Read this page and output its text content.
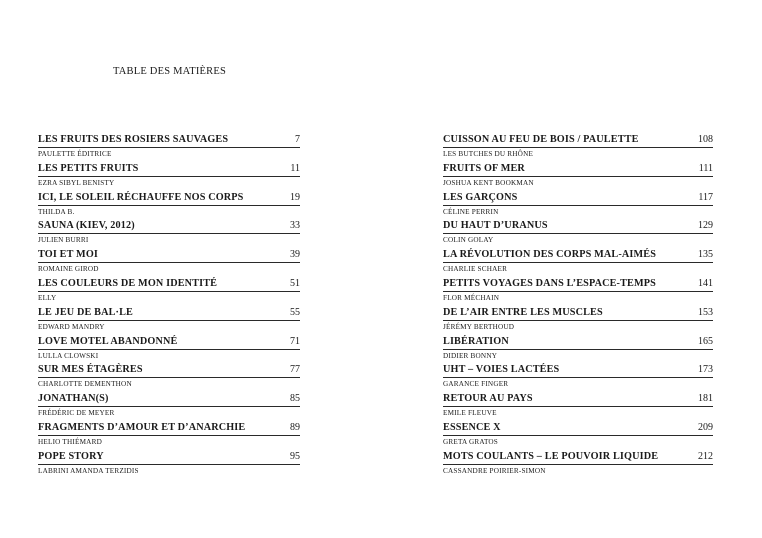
TABLE DES MATIÈRES
LES FRUITS DES ROSIERS SAUVAGES	7
PAULETTE ÉDITRICE
LES PETITS FRUITS	11
EZRA SIBYL BENISTY
ICI, LE SOLEIL RÉCHAUFFE NOS CORPS	19
THILDA B.
SAUNA (KIEV, 2012)	33
JULIEN BURRI
TOI ET MOI	39
ROMAINE GIROD
LES COULEURS DE MON IDENTITÉ	51
ELLY
LE JEU DE BAL·LE	55
EDWARD MANDRY
LOVE MOTEL ABANDONNÉ	71
LULLA CLOWSKI
SUR MES ÉTAGÈRES	77
CHARLOTTE DEMENTHON
JONATHAN(S)	85
FRÉDÉRIC DE MEYER
FRAGMENTS D’AMOUR ET D’ANARCHIE	89
HELIO THIÉMARD
POPE STORY	95
LABRINI AMANDA TERZIDIS
CUISSON AU FEU DE BOIS / PAULETTE	108
LES BUTCHES DU RHÔNE
FRUITS OF MER	111
JOSHUA KENT BOOKMAN
LES GARÇONS	117
CÉLINE PERRIN
DU HAUT D’URANUS	129
COLIN GOLAY
LA RÉVOLUTION DES CORPS MAL-AIMÉS	135
CHARLIE SCHAER
PETITS VOYAGES DANS L’ESPACE-TEMPS	141
FLOR MÉCHAIN
DE L’AIR ENTRE LES MUSCLES	153
JÉRÉMY BERTHOUD
LIBÉRATION	165
DIDIER BONNY
UHT – VOIES LACTÉES	173
GARANCE FINGER
RETOUR AU PAYS	181
EMILE FLEUVE
ESSENCE X	209
GRETA GRATOS
MOTS COULANTS – LE POUVOIR LIQUIDE	212
CASSANDRE POIRIER-SIMON
